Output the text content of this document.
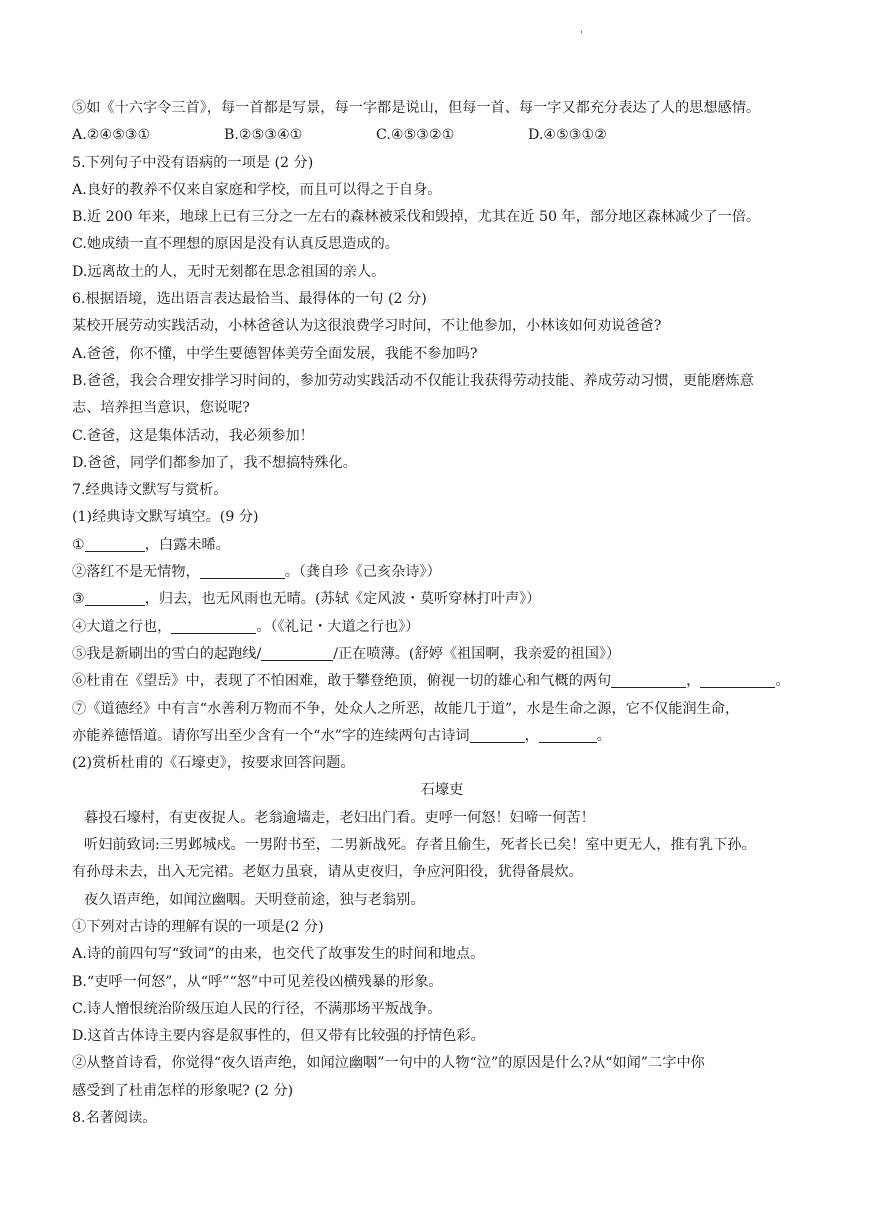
'
⑤如《十六字令三首》，每一首都是写景，每一字都是说山，但每一首、每一字又都充分表达了人的思想感情。
A.②④⑤③①	B.②⑤③④①	C.④⑤③②①	D.④⑤③①②
5.下列句子中没有语病的一项是 (2 分)
A.良好的教养不仅来自家庭和学校，而且可以得之于自身。
B.近 200 年来，地球上已有三分之一左右的森林被采伐和毁掉，尤其在近 50 年，部分地区森林减少了一倍。
C.她成绩一直不理想的原因是没有认真反思造成的。
D.远离故土的人，无时无刻都在思念祖国的亲人。
6.根据语境，选出语言表达最恰当、最得体的一句 (2 分)
某校开展劳动实践活动，小林爸爸认为这很浪费学习时间，不让他参加，小林该如何劝说爸爸?
A.爸爸，你不懂，中学生要德智体美劳全面发展，我能不参加吗?
B.爸爸，我会合理安排学习时间的，参加劳动实践活动不仅能让我获得劳动技能、养成劳动习惯，更能磨炼意
志、培养担当意识，您说呢?
C.爸爸，这是集体活动，我必须参加！
D.爸爸，同学们都参加了，我不想搞特殊化。
7.经典诗文默写与赏析。
(1)经典诗文默写填空。(9 分)
①	，白露未晞。
②落红不是无情物，	。（龚自珍《己亥杂诗》）
③	，归去，也无风雨也无晴。(苏轼《定风波・莫听穿林打叶声》）
④大道之行也，	。（《礼记・大道之行也》）
⑤我是新刷出的雪白的起跑线/	/正在喷薄。(舒婷《祖国啊，我亲爱的祖国》）
⑥杜甫在《望岳》中，表现了不怕困难，敢于攀登绝顶，俯视一切的雄心和气概的两句	，	。
⑦《道德经》中有言“水善利万物而不争，处众人之所恶，故能几于道”，水是生命之源，它不仅能润生命，
亦能养德悟道。请你写出至少含有一个“水”字的连续两句古诗词	，	。
(2)赏析杜甫的《石壕吏》，按要求回答问题。
石壕吏
暮投石壕村，有吏夜捉人。老翁逾墙走，老妇出门看。吏呼一何怒！妇啼一何苦！
听妇前致词:三男邺城戍。一男附书至，二男新战死。存者且偷生，死者长已矣！室中更无人，推有乳下孙。
有孙母未去，出入无完裙。老妪力虽衰，请从吏夜归，争应河阳役，犹得备晨炊。
夜久语声绝，如闻泣幽咽。天明登前途，独与老翁别。
①下列对古诗的理解有误的一项是(2 分)
A.诗的前四句写“致词”的由来，也交代了故事发生的时间和地点。
B.“吏呼一何怒”，从“呼”“怒”中可见差役凶横残暴的形象。
C.诗人憎恨统治阶级压迫人民的行径，不满那场平叛战争。
D.这首古体诗主要内容是叙事性的，但又带有比较强的抒情色彩。
②从整首诗看，你觉得“夜久语声绝，如闻泣幽咽”一句中的人物“泣”的原因是什么?从“如闻”二字中你
感受到了杜甫怎样的形象呢? (2 分)
8.名著阅读。
